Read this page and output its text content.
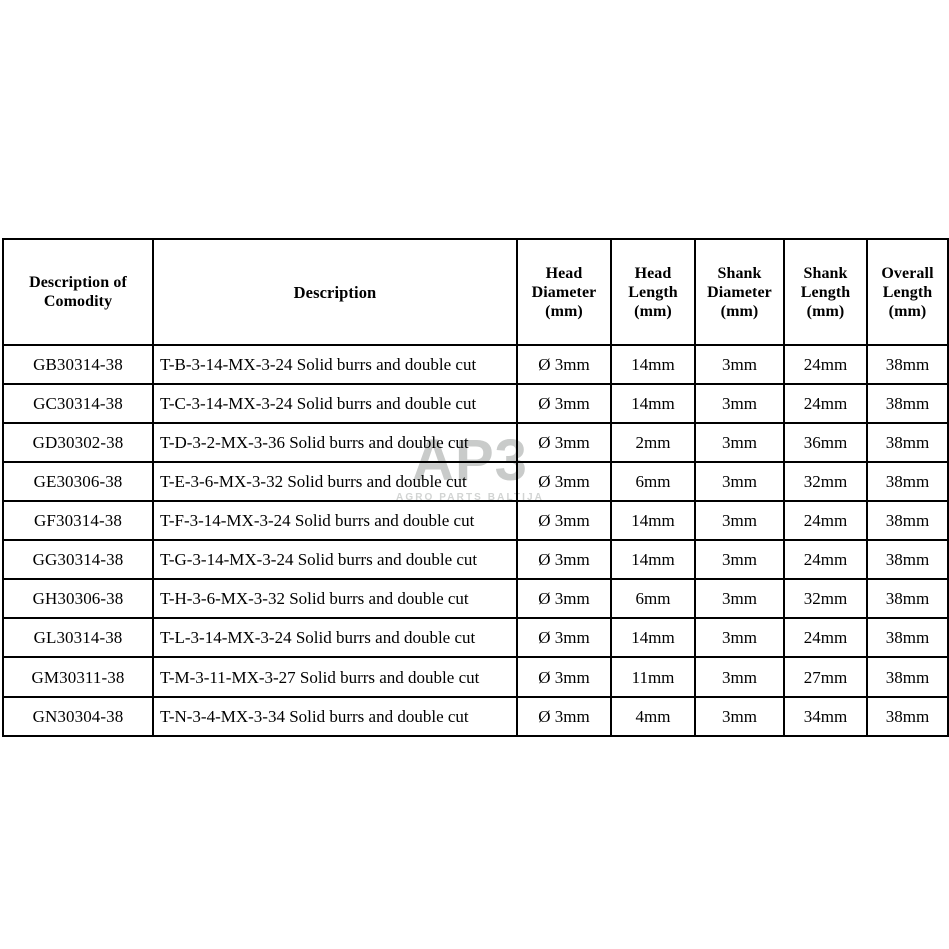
АР3
AGRO PARTS BALTIJA
Description of
Comodity	Description	Head
Diameter
(mm)	Head
Length
(mm)	Shank
Diameter
(mm)	Shank
Length
(mm)	Overall
Length
(mm)

GB30314-38	T-B-3-14-MX-3-24 Solid burrs and double cut	Ø 3mm	14mm	3mm	24mm	38mm

GC30314-38	T-C-3-14-MX-3-24 Solid burrs and double cut	Ø 3mm	14mm	3mm	24mm	38mm

GD30302-38	T-D-3-2-MX-3-36 Solid burrs and double cut	Ø 3mm	2mm	3mm	36mm	38mm

GE30306-38	T-E-3-6-MX-3-32 Solid burrs and double cut	Ø 3mm	6mm	3mm	32mm	38mm

GF30314-38	T-F-3-14-MX-3-24 Solid burrs and double cut	Ø 3mm	14mm	3mm	24mm	38mm

GG30314-38	T-G-3-14-MX-3-24 Solid burrs and double cut	Ø 3mm	14mm	3mm	24mm	38mm

GH30306-38	T-H-3-6-MX-3-32 Solid burrs and double cut	Ø 3mm	6mm	3mm	32mm	38mm

GL30314-38	T-L-3-14-MX-3-24 Solid burrs and double cut	Ø 3mm	14mm	3mm	24mm	38mm

GM30311-38	T-M-3-11-MX-3-27 Solid burrs and double cut	Ø 3mm	11mm	3mm	27mm	38mm

GN30304-38	T-N-3-4-MX-3-34 Solid burrs and double cut	Ø 3mm	4mm	3mm	34mm	38mm
